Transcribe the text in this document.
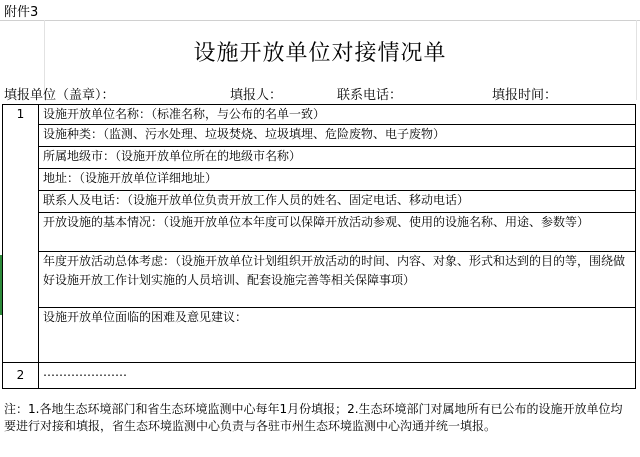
附件3
设施开放单位对接情况单
填报单位（盖章）：	填报人：	联系电话：	填报时间：
1	设施开放单位名称：（标准名称，与公布的名单一致）
	设施种类：（监测、污水处理、垃圾焚烧、垃圾填埋、危险废物、电子废物）
	所属地级市：（设施开放单位所在的地级市名称）
	地址：（设施开放单位详细地址）
	联系人及电话：（设施开放单位负责开放工作人员的姓名、固定电话、移动电话）
	开放设施的基本情况：（设施开放单位本年度可以保障开放活动参观、使用的设施名称、用途、参数等）
	年度开放活动总体考虑：（设施开放单位计划组织开放活动的时间、内容、对象、形式和达到的目的等，围绕做好设施开放工作计划实施的人员培训、配套设施完善等相关保障事项）
	设施开放单位面临的困难及意见建议：
2	…………………
注：1.各地生态环境部门和省生态环境监测中心每年1月份填报；2.生态环境部门对属地所有已公布的设施开放单位均要进行对接和填报，省生态环境监测中心负责与各驻市州生态环境监测中心沟通并统一填报。
